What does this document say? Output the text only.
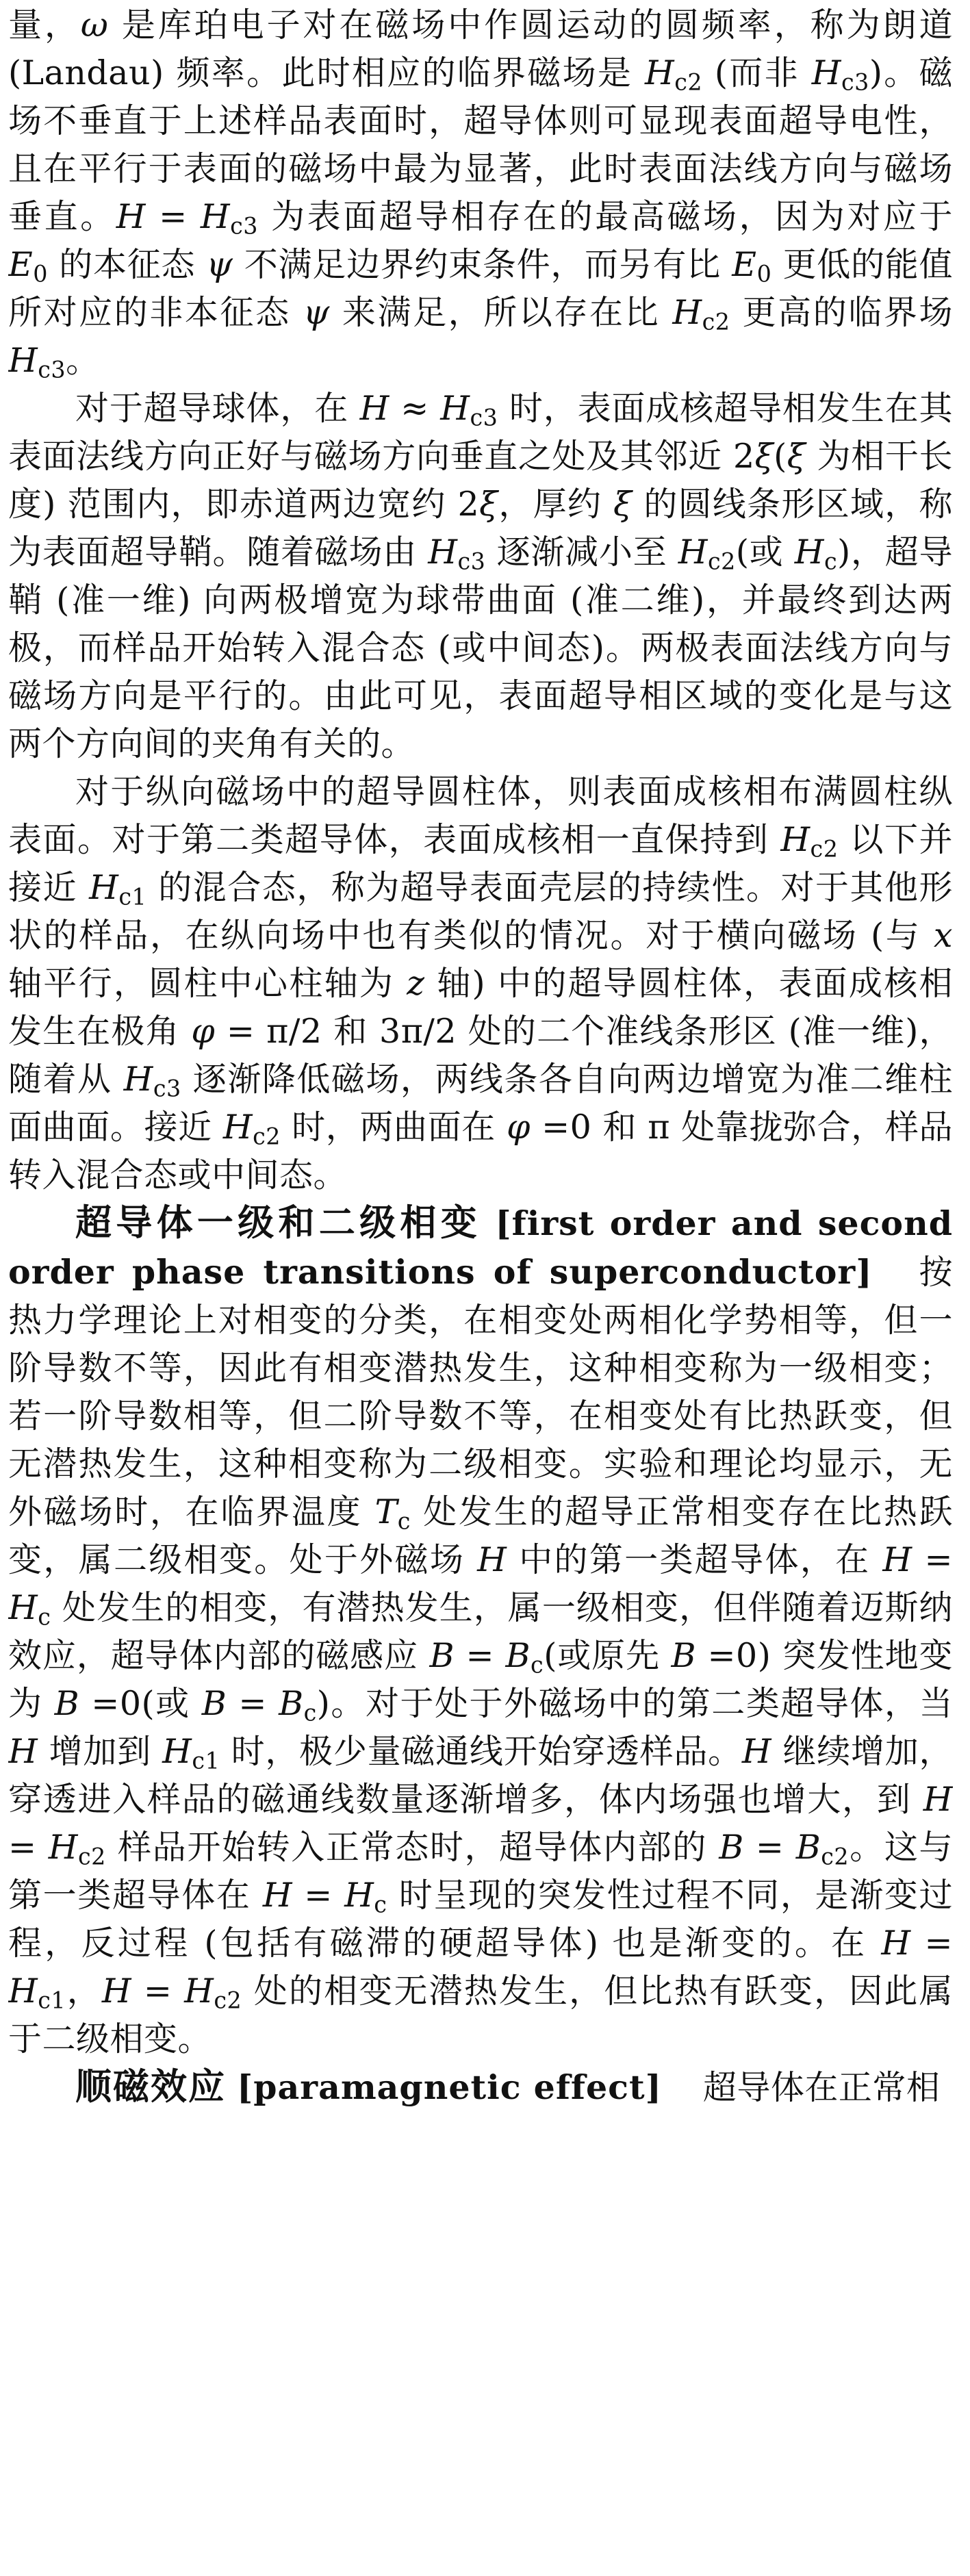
量，ω 是库珀电子对在磁场中作圆运动的圆频率，称为朗道 (Landau) 频率。此时相应的临界磁场是 $H_{c2}$ (而非 $H_{c3}$)。磁场不垂直于上述样品表面时，超导体则可显现表面超导电性，且在平行于表面的磁场中最为显著，此时表面法线方向与磁场垂直。$H = H_{c3}$ 为表面超导相存在的最高磁场，因为对应于 $E_0$ 的本征态 ψ 不满足边界约束条件，而另有比 $E_0$ 更低的能值所对应的非本征态 ψ 来满足，所以存在比 $H_{c2}$ 更高的临界场 $H_{c3}$。

对于超导球体，在 $H \approx H_{c3}$ 时，表面成核超导相发生在其表面法线方向正好与磁场方向垂直之处及其邻近 2ξ(ξ 为相干长度) 范围内，即赤道两边宽约 2ξ，厚约 ξ 的圆线条形区域，称为表面超导鞘。随着磁场由 $H_{c3}$ 逐渐减小至 $H_{c2}$(或 $H_c$)，超导鞘 (准一维) 向两极增宽为球带曲面 (准二维)，并最终到达两极，而样品开始转入混合态 (或中间态)。两极表面法线方向与磁场方向是平行的。由此可见，表面超导相区域的变化是与这两个方向间的夹角有关的。

对于纵向磁场中的超导圆柱体，则表面成核相布满圆柱纵表面。对于第二类超导体，表面成核相一直保持到 $H_{c2}$ 以下并接近 $H_{c1}$ 的混合态，称为超导表面壳层的持续性。对于其他形状的样品，在纵向场中也有类似的情况。对于横向磁场 (与 x 轴平行，圆柱中心柱轴为 z 轴) 中的超导圆柱体，表面成核相发生在极角 φ = π/2 和 3π/2 处的二个准线条形区 (准一维)，随着从 $H_{c3}$ 逐渐降低磁场，两线条各自向两边增宽为准二维柱面曲面。接近 $H_{c2}$ 时，两曲面在 φ =0 和 π 处靠拢弥合，样品转入混合态或中间态。

超导体一级和二级相变 [first order and second order phase transitions of superconductor] 按热力学理论上对相变的分类，在相变处两相化学势相等，但一阶导数不等，因此有相变潜热发生，这种相变称为一级相变；若一阶导数相等，但二阶导数不等，在相变处有比热跃变，但无潜热发生，这种相变称为二级相变。实验和理论均显示，无外磁场时，在临界温度 $T_c$ 处发生的超导正常相变存在比热跃变，属二级相变。处于外磁场 H 中的第一类超导体，在 $H = H_c$ 处发生的相变，有潜热发生，属一级相变，但伴随着迈斯纳效应，超导体内部的磁感应 $B = B_c$(或原先 B =0) 突发性地变为 B =0(或 $B = B_c$)。对于处于外磁场中的第二类超导体，当 H 增加到 $H_{c1}$ 时，极少量磁通线开始穿透样品。H 继续增加，穿透进入样品的磁通线数量逐渐增多，体内场强也增大，到 $H = H_{c2}$ 样品开始转入正常态时，超导体内部的 $B = B_{c2}$。这与第一类超导体在 $H = H_c$ 时呈现的突发性过程不同，是渐变过程，反过程 (包括有磁滞的硬超导体) 也是渐变的。在 $H = H_{c1}$，$H = H_{c2}$ 处的相变无潜热发生，但比热有跃变，因此属于二级相变。

顺磁效应 [paramagnetic effect] 超导体在正常相
